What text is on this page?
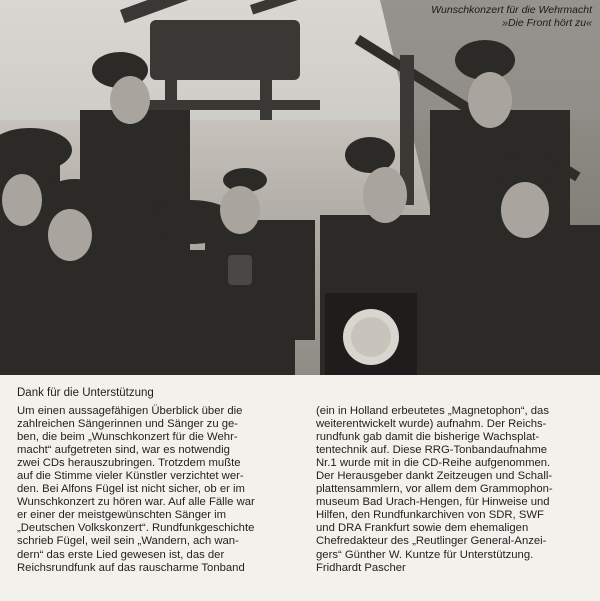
Wunschkonzert für die Wehrmacht
»Die Front hört zu«
Dank für die Unterstützung
Um einen aussagefähigen Überblick über die
zahlreichen Sängerinnen und Sänger zu ge-
ben, die beim „Wunschkonzert für die Wehr-
macht“ aufgetreten sind, war es notwendig
zwei CDs herauszubringen. Trotzdem mußte
auf die Stimme vieler Künstler verzichtet wer-
den. Bei Alfons Fügel ist nicht sicher, ob er im
Wunschkonzert zu hören war. Auf alle Fälle war
er einer der meistgewünschten Sänger im
„Deutschen Volkskonzert“. Rundfunkgeschichte
schrieb Fügel, weil sein „Wandern, ach wan-
dern“ das erste Lied gewesen ist, das der
Reichsrundfunk auf das rauscharme Tonband
(ein in Holland erbeutetes „Magnetophon“, das
weiterentwickelt wurde) aufnahm. Der Reichs-
rundfunk gab damit die bisherige Wachsplat-
tentechnik auf. Diese RRG-Tonbandaufnahme
Nr.1 wurde mit in die CD-Reihe aufgenommen.
Der Herausgeber dankt Zeitzeugen und Schall-
plattensammlern, vor allem dem Grammophon-
museum Bad Urach-Hengen, für Hinweise und
Hilfen, den Rundfunkarchiven von SDR, SWF
und DRA Frankfurt sowie dem ehemaligen
Chefredakteur des „Reutlinger General-Anzei-
gers“ Günther W. Kuntze für Unterstützung.
Fridhardt Pascher
